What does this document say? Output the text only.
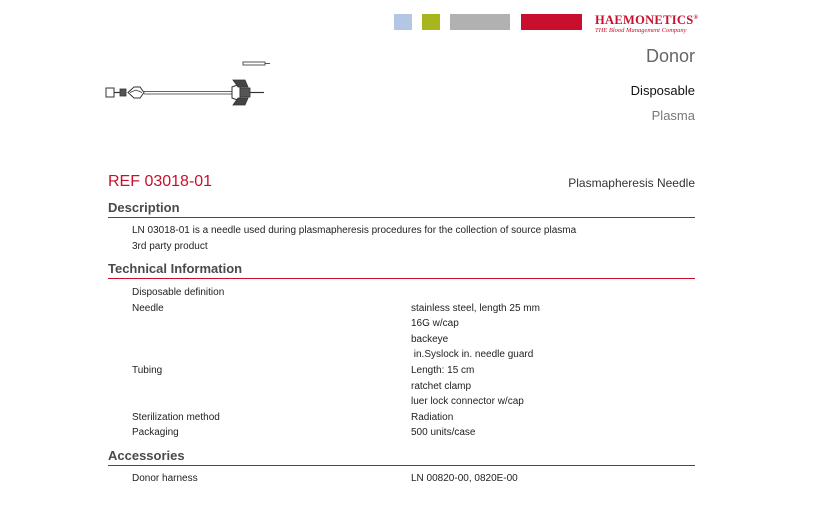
HAEMONETICS®
THE Blood Management Company
Donor
Disposable
Plasma
REF 03018-01	Plasmapheresis Needle
Description
LN 03018-01 is a needle used during plasmapheresis procedures for the collection of source plasma
3rd party product
Technical Information
Disposable definition
Needle	stainless steel, length 25 mm
16G w/cap
backeye
in.Syslock in. needle guard
Tubing	Length: 15 cm
ratchet clamp
luer lock connector w/cap
Sterilization method	Radiation
Packaging	500 units/case
Accessories
Donor harness	LN 00820-00, 0820E-00
